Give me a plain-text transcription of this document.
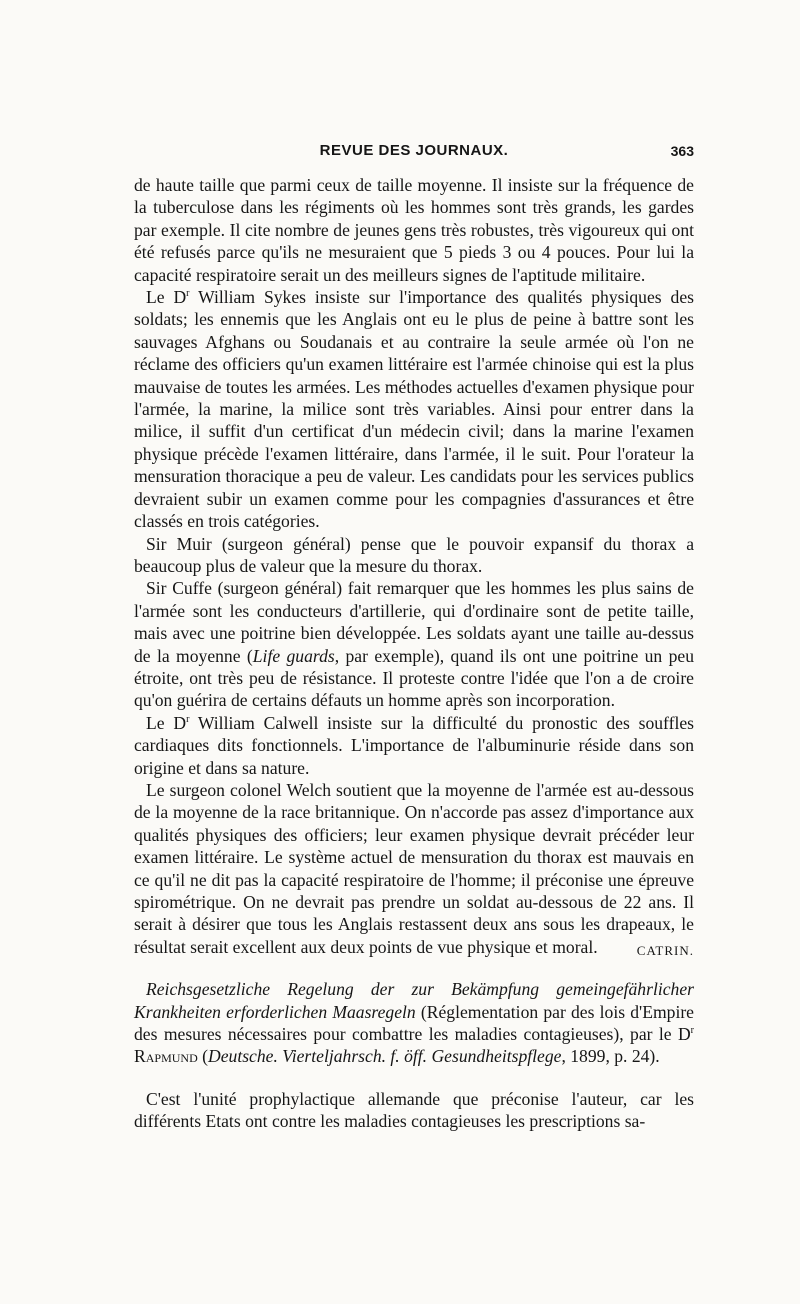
REVUE DES JOURNAUX.	363

de haute taille que parmi ceux de taille moyenne. Il insiste sur la fréquence de la tuberculose dans les régiments où les hommes sont très grands, les gardes par exemple. Il cite nombre de jeunes gens très robustes, très vigoureux qui ont été refusés parce qu'ils ne mesuraient que 5 pieds 3 ou 4 pouces. Pour lui la capacité respiratoire serait un des meilleurs signes de l'aptitude militaire.

Le $D^r$ William Sykes insiste sur l'importance des qualités physiques des soldats; les ennemis que les Anglais ont eu le plus de peine à battre sont les sauvages Afghans ou Soudanais et au contraire la seule armée où l'on ne réclame des officiers qu'un examen littéraire est l'armée chinoise qui est la plus mauvaise de toutes les armées. Les méthodes actuelles d'examen physique pour l'armée, la marine, la milice sont très variables. Ainsi pour entrer dans la milice, il suffit d'un certificat d'un médecin civil; dans la marine l'examen physique précède l'examen littéraire, dans l'armée, il le suit. Pour l'orateur la mensuration thoracique a peu de valeur. Les candidats pour les services publics devraient subir un examen comme pour les compagnies d'assurances et être classés en trois catégories.

Sir Muir (surgeon général) pense que le pouvoir expansif du thorax a beaucoup plus de valeur que la mesure du thorax.

Sir Cuffe (surgeon général) fait remarquer que les hommes les plus sains de l'armée sont les conducteurs d'artillerie, qui d'ordinaire sont de petite taille, mais avec une poitrine bien développée. Les soldats ayant une taille au-dessus de la moyenne (Life guards, par exemple), quand ils ont une poitrine un peu étroite, ont très peu de résistance. Il proteste contre l'idée que l'on a de croire qu'on guérira de certains défauts un homme après son incorporation.

Le $D^r$ William Calwell insiste sur la difficulté du pronostic des souffles cardiaques dits fonctionnels. L'importance de l'albuminurie réside dans son origine et dans sa nature.

Le surgeon colonel Welch soutient que la moyenne de l'armée est au-dessous de la moyenne de la race britannique. On n'accorde pas assez d'importance aux qualités physiques des officiers; leur examen physique devrait précéder leur examen littéraire. Le système actuel de mensuration du thorax est mauvais en ce qu'il ne dit pas la capacité respiratoire de l'homme; il préconise une épreuve spirométrique. On ne devrait pas prendre un soldat au-dessous de 22 ans. Il serait à désirer que tous les Anglais restassent deux ans sous les drapeaux, le résultat serait excellent aux deux points de vue physique et moral.	CATRIN.

Reichsgesetzliche Regelung der zur Bekämpfung gemeingefährlicher Krankheiten erforderlichen Maasregeln (Réglementation par des lois d'Empire des mesures nécessaires pour combattre les maladies contagieuses), par le $D^r$ Rapmund (Deutsche. Vierteljahrsch. f. öff. Gesundheitspflege, 1899, p. 24).

C'est l'unité prophylactique allemande que préconise l'auteur, car les différents Etats ont contre les maladies contagieuses les prescriptions sa-
